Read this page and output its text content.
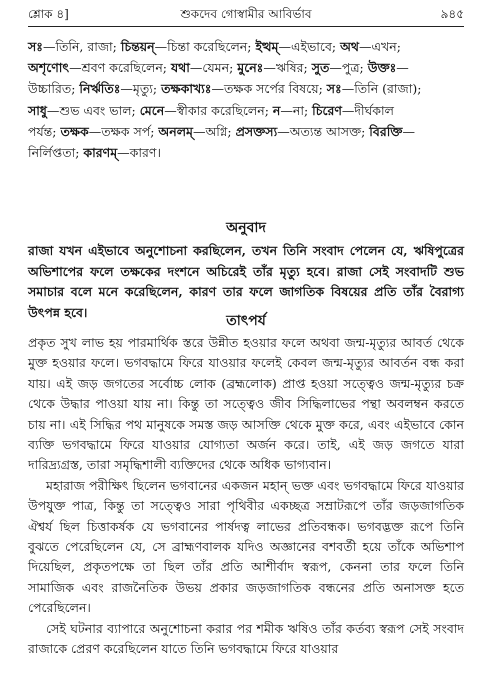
শ্লোক ৪]	শুকদেব গোস্বামীর আবির্ভাব	৯৪৫

সঃ—তিনি, রাজা; চিন্তয়ন্—চিন্তা করেছিলেন; ইত্থম্—এইভাবে; অথ—এখন;

অশৃণোৎ—শ্রবণ করেছিলেন; যথা—যেমন; মুনেঃ—ঋষির; সুত—পুত্র; উক্তঃ—

উচ্চারিত; নির্ঋতিঃ—মৃত্যু; তক্ষকাখ্যঃ—তক্ষক সর্পের বিষয়ে; সঃ—তিনি (রাজা);

সাধু—শুভ এবং ভাল; মেনে—স্বীকার করেছিলেন; ন—না; চিরেণ—দীর্ঘকাল

পর্যন্ত; তক্ষক—তক্ষক সর্প; অনলম্—অগ্নি; প্রসক্তস্য—অত্যন্ত আসক্ত; বিরক্তি—

নির্লিপ্ততা; কারণম্—কারণ।

অনুবাদ

রাজা যখন এইভাবে অনুশোচনা করছিলেন, তখন তিনি সংবাদ পেলেন যে, ঋষিপুত্রের অভিশাপের ফলে তক্ষকের দংশনে অচিরেই তাঁর মৃত্যু হবে। রাজা সেই সংবাদটি শুভ সমাচার বলে মনে করেছিলেন, কারণ তার ফলে জাগতিক বিষয়ের প্রতি তাঁর বৈরাগ্য উৎপন্ন হবে।

তাৎপর্য

প্রকৃত সুখ লাভ হয় পারমার্থিক স্তরে উন্নীত হওয়ার ফলে অথবা জন্ম-মৃত্যুর আবর্ত থেকে মুক্ত হওয়ার ফলে। ভগবদ্ধামে ফিরে যাওয়ার ফলেই কেবল জন্ম-মৃত্যুর আবর্তন বন্ধ করা যায়। এই জড় জগতের সর্বোচ্চ লোক (ব্রহ্মলোক) প্রাপ্ত হওয়া সত্ত্বেও জন্ম-মৃত্যুর চক্র থেকে উদ্ধার পাওয়া যায় না। কিন্তু তা সত্ত্বেও জীব সিদ্ধিলাভের পন্থা অবলম্বন করতে চায় না। এই সিদ্ধির পথ মানুষকে সমস্ত জড় আসক্তি থেকে মুক্ত করে, এবং এইভাবে কোন ব্যক্তি ভগবদ্ধামে ফিরে যাওয়ার যোগ্যতা অর্জন করে। তাই, এই জড় জগতে যারা দারিদ্র্যগ্রস্ত, তারা সমৃদ্ধিশালী ব্যক্তিদের থেকে অধিক ভাগ্যবান।

মহারাজ পরীক্ষিৎ ছিলেন ভগবানের একজন মহান্ ভক্ত এবং ভগবদ্ধামে ফিরে যাওয়ার উপযুক্ত পাত্র, কিন্তু তা সত্ত্বেও সারা পৃথিবীর একচ্ছত্র সম্রাটরূপে তাঁর জড়জাগতিক ঐশ্বর্য ছিল চিত্তাকর্ষক যে ভগবানের পার্ষদত্ব লাভের প্রতিবন্ধক। ভগবদ্ভক্ত রূপে তিনি বুঝতে পেরেছিলেন যে, সে ব্রাহ্মণবালক যদিও অজ্ঞানের বশবর্তী হয়ে তাঁকে অভিশাপ দিয়েছিল, প্রকৃতপক্ষে তা ছিল তাঁর প্রতি আশীর্বাদ স্বরূপ, কেননা তার ফলে তিনি সামাজিক এবং রাজনৈতিক উভয় প্রকার জড়জাগতিক বন্ধনের প্রতি অনাসক্ত হতে পেরেছিলেন।

সেই ঘটনার ব্যাপারে অনুশোচনা করার পর শমীক ঋষিও তাঁর কর্তব্য স্বরূপ সেই সংবাদ রাজাকে প্রেরণ করেছিলেন যাতে তিনি ভগবদ্ধামে ফিরে যাওয়ার
